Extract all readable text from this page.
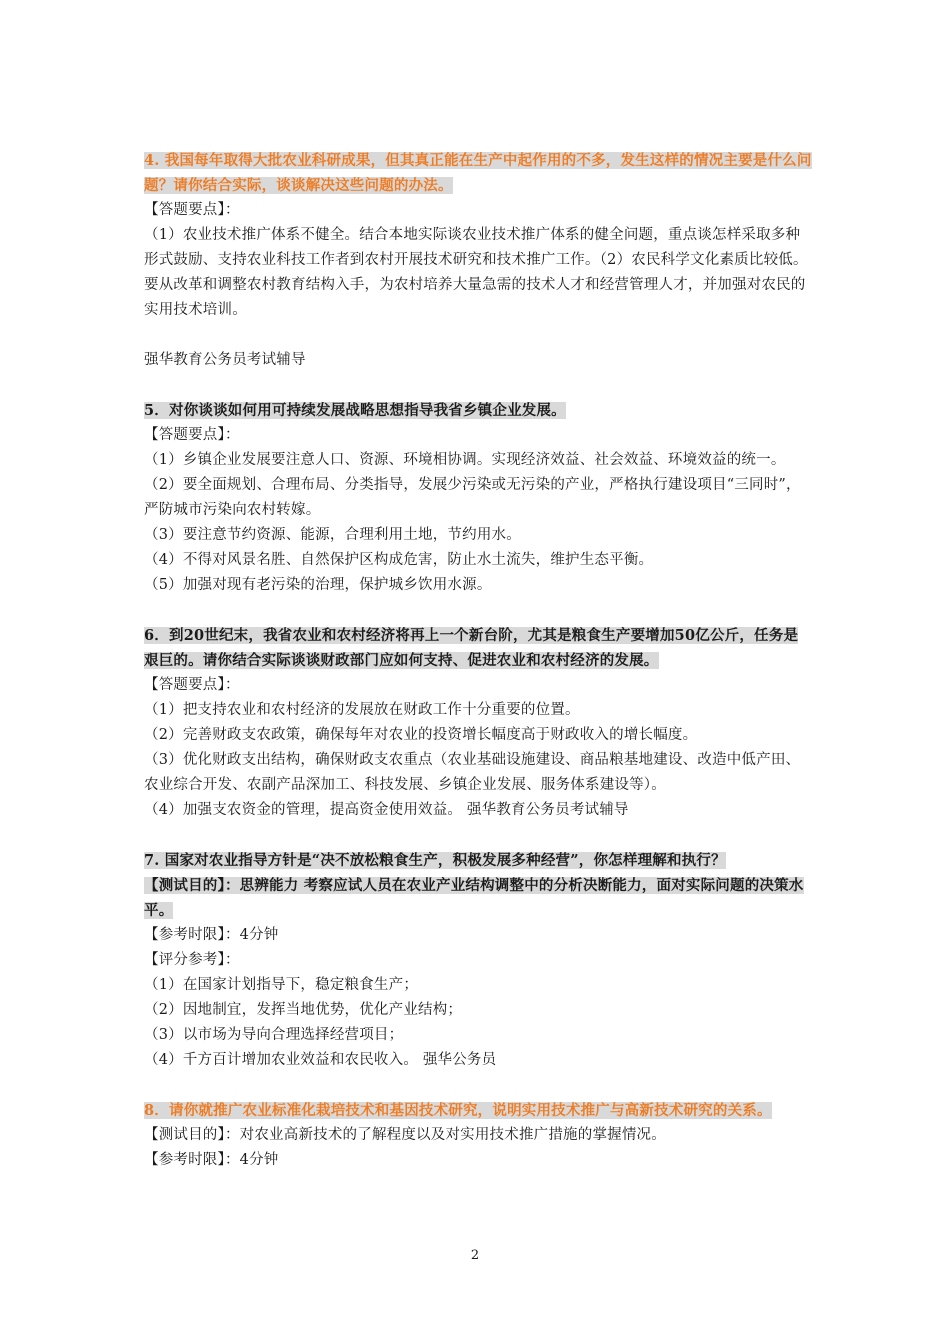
4. 我国每年取得大批农业科研成果，但其真正能在生产中起作用的不多，发生这样的情况主要是什么问题？请你结合实际，谈谈解决这些问题的办法。

【答题要点】：

（1）农业技术推广体系不健全。结合本地实际谈农业技术推广体系的健全问题，重点谈怎样采取多种形式鼓励、支持农业科技工作者到农村开展技术研究和技术推广工作。（2）农民科学文化素质比较低。要从改革和调整农村教育结构入手，为农村培养大量急需的技术人才和经营管理人才，并加强对农民的实用技术培训。

强华教育公务员考试辅导

5．对你谈谈如何用可持续发展战略思想指导我省乡镇企业发展。

【答题要点】：

（1）乡镇企业发展要注意人口、资源、环境相协调。实现经济效益、社会效益、环境效益的统一。

（2）要全面规划、合理布局、分类指导，发展少污染或无污染的产业，严格执行建设项目“三同时”，严防城市污染向农村转嫁。

（3）要注意节约资源、能源，合理利用土地，节约用水。

（4）不得对风景名胜、自然保护区构成危害，防止水土流失，维护生态平衡。

（5）加强对现有老污染的治理，保护城乡饮用水源。

6．到20世纪末，我省农业和农村经济将再上一个新台阶，尤其是粮食生产要增加50亿公斤，任务是艰巨的。请你结合实际谈谈财政部门应如何支持、促进农业和农村经济的发展。

【答题要点】：

（1）把支持农业和农村经济的发展放在财政工作十分重要的位置。

（2）完善财政支农政策，确保每年对农业的投资增长幅度高于财政收入的增长幅度。

（3）优化财政支出结构，确保财政支农重点（农业基础设施建设、商品粮基地建设、改造中低产田、农业综合开发、农副产品深加工、科技发展、乡镇企业发展、服务体系建设等）。

（4）加强支农资金的管理，提高资金使用效益。 强华教育公务员考试辅导

7. 国家对农业指导方针是“决不放松粮食生产，积极发展多种经营”，你怎样理解和执行？

【测试目的】：思辨能力 考察应试人员在农业产业结构调整中的分析决断能力，面对实际问题的决策水平。

【参考时限】：4分钟

【评分参考】：

（1）在国家计划指导下，稳定粮食生产；

（2）因地制宜，发挥当地优势，优化产业结构；

（3）以市场为导向合理选择经营项目；

（4）千方百计增加农业效益和农民收入。 强华公务员

8．请你就推广农业标准化栽培技术和基因技术研究，说明实用技术推广与高新技术研究的关系。

【测试目的】：对农业高新技术的了解程度以及对实用技术推广措施的掌握情况。

【参考时限】：4分钟

2
